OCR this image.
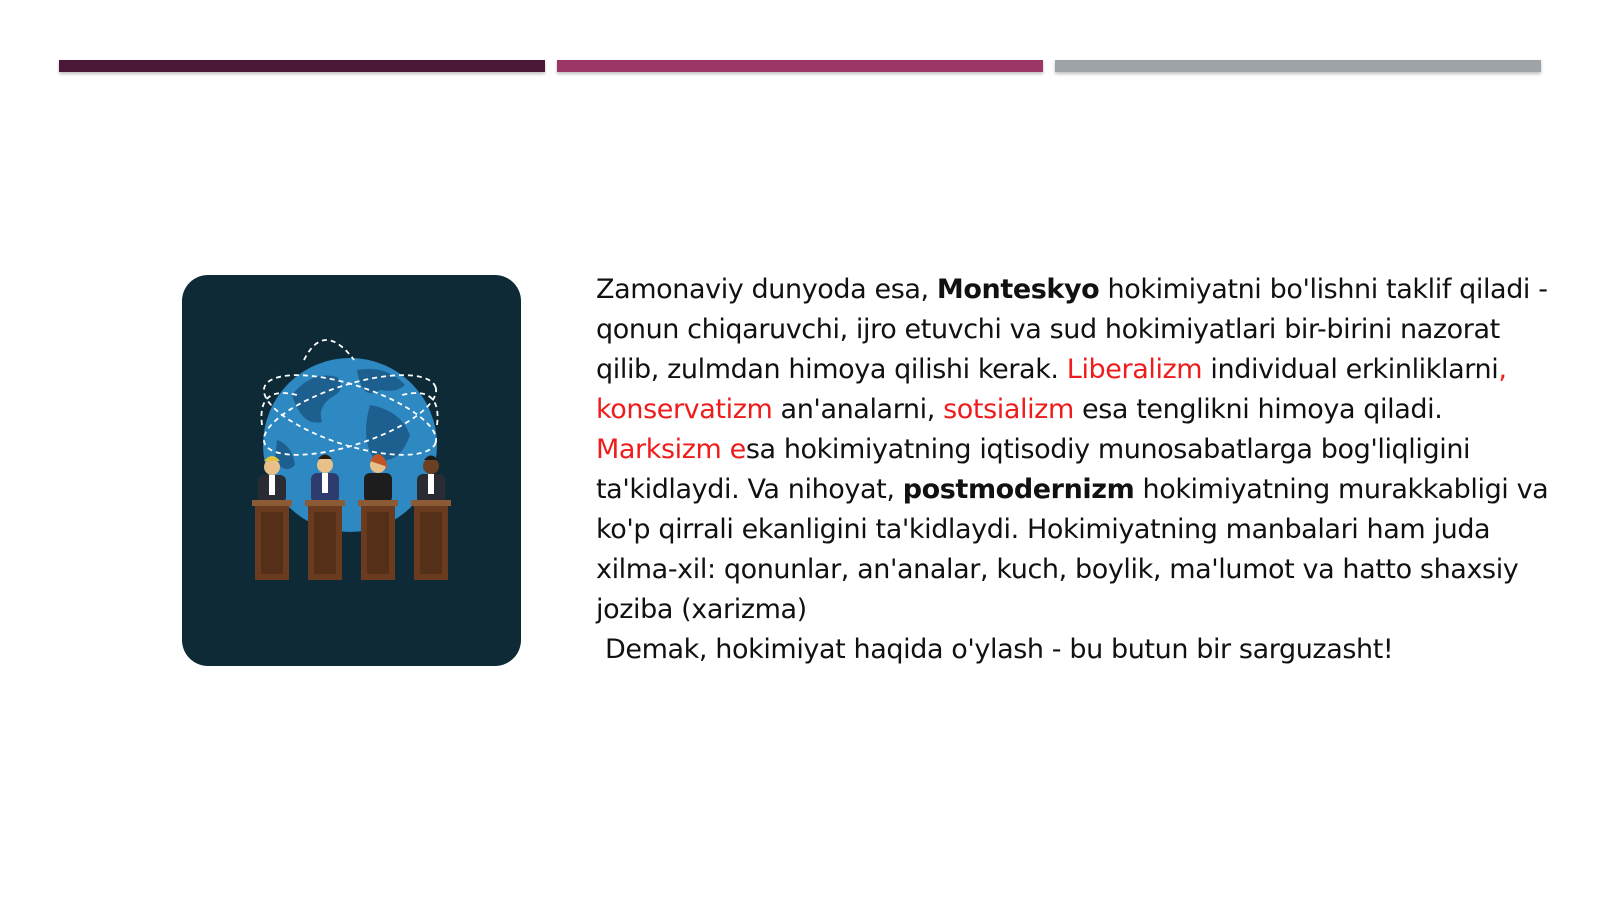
Zamonaviy dunyoda esa, Monteskyo hokimiyatni bo'lishni taklif qiladi - qonun chiqaruvchi, ijro etuvchi va sud hokimiyatlari bir-birini nazorat qilib, zulmdan himoya qilishi kerak. Liberalizm individual erkinliklarni, konservatizm an'analarni, sotsializm esa tenglikni himoya qiladi. Marksizm esa hokimiyatning iqtisodiy munosabatlarga bog'liqligini ta'kidlaydi. Va nihoyat, postmodernizm hokimiyatning murakkabligi va ko'p qirrali ekanligini ta'kidlaydi. Hokimiyatning manbalari ham juda xilma-xil: qonunlar, an'analar, kuch, boylik, ma'lumot va hatto shaxsiy joziba (xarizma)

Demak, hokimiyat haqida o'ylash - bu butun bir sarguzasht!
